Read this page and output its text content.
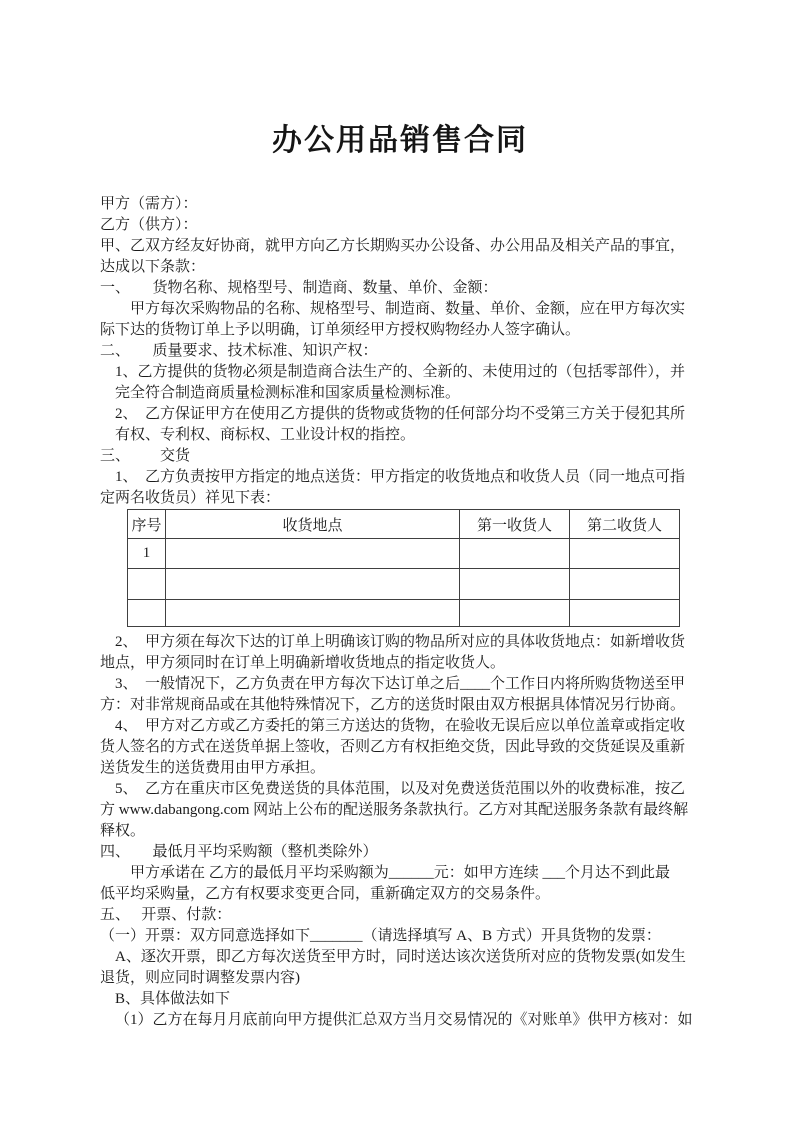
办公用品销售合同
甲方（需方）：
乙方（供方）：
甲、乙双方经友好协商，就甲方向乙方长期购买办公设备、办公用品及相关产品的事宜，
达成以下条款：
一、　　货物名称、规格型号、制造商、数量、单价、金额：
甲方每次采购物品的名称、规格型号、制造商、数量、单价、金额，应在甲方每次实
际下达的货物订单上予以明确，订单须经甲方授权购物经办人签字确认。
二、　　质量要求、技术标准、知识产权：
1、乙方提供的货物必须是制造商合法生产的、全新的、未使用过的（包括零部件），并
完全符合制造商质量检测标准和国家质量检测标准。
2、　乙方保证甲方在使用乙方提供的货物或货物的任何部分均不受第三方关于侵犯其所
有权、专利权、商标权、工业设计权的指控。
三、　　  交货
1、　乙方负责按甲方指定的地点送货：甲方指定的收货地点和收货人员（同一地点可指
定两名收货员）祥见下表：
序号	收货地点	第一收货人	第二收货人
1			

2、　甲方须在每次下达的订单上明确该订购的物品所对应的具体收货地点：如新增收货
地点，甲方须同时在订单上明确新增收货地点的指定收货人。
3、　一般情况下，乙方负责在甲方每次下达订单之后____个工作日内将所购货物送至甲
方：对非常规商品或在其他特殊情况下，乙方的送货时限由双方根据具体情况另行协商。
4、　甲方对乙方或乙方委托的第三方送达的货物，在验收无误后应以单位盖章或指定收
货人签名的方式在送货单据上签收，否则乙方有权拒绝交货，因此导致的交货延误及重新
送货发生的送货费用由甲方承担。
5、　乙方在重庆市区免费送货的具体范围，以及对免费送货范围以外的收费标准，按乙
方 www.dabangong.com 网站上公布的配送服务条款执行。乙方对其配送服务条款有最终解
释权。
四、　　最低月平均采购额（整机类除外）
甲方承诺在 乙方的最低月平均采购额为______元：如甲方连续 ___个月达不到此最
低平均采购量，乙方有权要求变更合同，重新确定双方的交易条件。
五、　 开票、付款：
（一）开票：双方同意选择如下_______（请选择填写 A、B 方式）开具货物的发票：
A、逐次开票，即乙方每次送货至甲方时，同时送达该次送货所对应的货物发票(如发生
退货，则应同时调整发票内容)
B、具体做法如下
（1）乙方在每月月底前向甲方提供汇总双方当月交易情况的《对账单》供甲方核对：如
